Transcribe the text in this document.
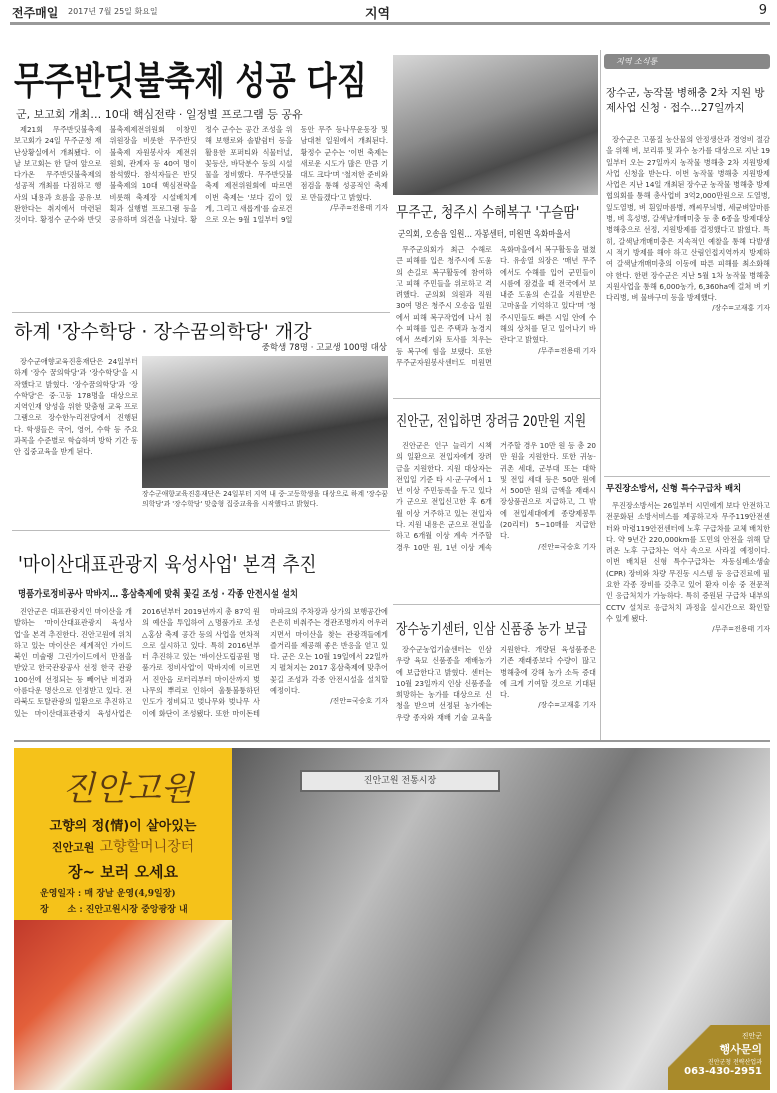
전주매일 2017년 7월 25일 화요일	지역	9
무주반딧불축제 성공 다짐
군, 보고회 개최… 10대 핵심전략 · 일정별 프로그램 등 공유

제21회 무주반딧불축제 보고회가 24일 무주군청 재난상황실에서 개최됐다. 이날 보고회는 한 달여 앞으로 다가온 무주반딧불축제의 성공적 개최를 다짐하고 행사의 내용과 흐름을 공유·보완한다는 취지에서 마련된 것이다. 황정수 군수와 반딧불축제제전위원회 이창민 위원장을 비롯한 무주반딧불축제 자원봉사자 제전위원회, 관계자 등 40여 명이 참석했다. 참석자들은 반딧불축제의 10대 핵심전략을 비롯해 축제장 시설배치계획과 실행별 프로그램 등을 공유하며 의견을 나눴다. 황정수 군수는 공간 조성을 위해 보행로와 솔밭쉼터 등을 활용한 포퍼티와 식물터널, 꽃등산, 바닥분수 등의 시설물을 정비했다. 무주반딧불축제 제전위원회에 따르면 이번 축제는 '보다 깊이 있게, 그리고 새롭게'를 슬로건으로 오는 9월 1일부터 9일 동안 무주 등나무운동장 및 남대천 일원에서 개최된다. 황정수 군수는 '이번 축제는 새로운 시도가 많은 만큼 기대도 크다'며 '철저한 준비와 점검을 통해 성공적인 축제로 만들겠다'고 밝혔다.

/무주=전용태 기자 무주군, 청주시 수해복구 '구슬땀'
군의회, 오송읍 일원… 자봉센터, 미원면 옥화마을서

무주군의회가 최근 수해로 큰 피해를 입은 청주시에 도움의 손길로 복구활동에 참여하고 피해 주민들을 위로하고 격려했다. 군의회 의원과 직원 30여 명은 청주시 오송읍 일원에서 피해 복구작업에 나서 침수 피해를 입은 주택과 농경지에서 쓰레기와 토사를 치우는 등 복구에 힘을 보탰다. 또한 무주군자원봉사센터도 미원면 옥화마을에서 복구활동을 펼쳤다. 유송열 의장은 '매년 무주에서도 수해를 입어 군민들이 시름에 잠겼을 때 전국에서 보내준 도움의 손길을 지원받은 고마움을 기억하고 있다'며 '청주시민들도 빠른 시일 안에 수해의 상처를 딛고 일어나기 바란다'고 밝혔다.

/무주=전용태 기자
하계 '장수학당 · 장수꿈의학당' 개강
중학생 78명 · 고교생 100명 대상

장수군애향교육진흥재단은 24일부터 하계 '장수 꿈의학당'과 '장수학당'을 시작했다고 밝혔다. '장수꿈의학당'과 '장수학당'은 중·고등 178명을 대상으로 지역인재 양성을 위한 맞춤형 교육 프로그램으로 장수한누리전당에서 진행된다. 학생들은 국어, 영어, 수학 등 주요 과목을 수준별로 학습하며 방학 기간 동안 집중교육을 받게 된다.

장수군애향교육진흥재단은 24일부터 지역 내 중·고등학생을 대상으로 하계 '장수꿈의학당'과 '장수학당' 맞춤형 집중교육을 시작했다고 밝혔다.
'마이산대표관광지 육성사업' 본격 추진
명품가로정비공사 막바지… 홍삼축제에 맞춰 꽃길 조성 · 각종 안전시설 설치

진안군은 대표관광지인 마이산을 개발하는 '마이산대표관광지 육성사업'을 본격 추진한다. 진안고원에 위치하고 있는 마이산은 세계적인 가이드북인 미슐랭 그린가이드에서 만점을 받았고 한국관광공사 선정 한국 관광100선에 선정되는 등 빼어난 비경과 아름다운 명산으로 인정받고 있다. 전라북도 토탈관광의 일환으로 추진하고 있는 마이산대표관광지 육성사업은 2016년부터 2019년까지 총 87억 원의 예산을 투입하여 △명품가로 조성 △홍삼 축제 공간 등의 사업을 연차적으로 실시하고 있다. 특히 2016년부터 추진하고 있는 '바이산도립공원 명품가로 정비사업'이 막바지에 이르면서 진안읍 로터리부터 마이산까지 벚나무의 뿌리로 인하여 울퉁불퉁하던 인도가 정비되고 벚나무와 벚나무 사이에 화단이 조성됐다. 또한 마이돈테마파크의 주차장과 상가의 보행공간에 은은히 비춰주는 경관조명까지 어우러지면서 마이산을 찾는 관광객들에게 즐거리를 제공해 좋은 반응을 얻고 있다. 군은 오는 10월 19일에서 22일까지 펼쳐지는 2017 홍삼축제에 맞추어 꽃길 조성과 각종 안전시설을 설치할 예정이다.

/진안=국승호 기자
진안군, 전입하면 장려금 20만원 지원

진안군은 인구 늘리기 시책의 일환으로 전입자에게 장려금을 지원한다. 지원 대상자는 전입일 기준 타 시·군·구에서 1년 이상 주민등록을 두고 있다가 군으로 전입신고한 후 6개월 이상 거주하고 있는 전입자다. 지원 내용은 군으로 전입을 하고 6개월 이상 계속 거주할 경우 10만 원, 1년 이상 계속 거주할 경우 10만 원 등 총 20만 원을 지원한다. 또한 귀농·귀촌 세대, 군부대 또는 대학 및 전입 세대 등은 50만 원에서 500만 원의 금액을 재래시장상품권으로 지급하고, 그 밖에 전입세대에게 종량제봉투(20리터) 5~10매를 지급한다.

/진안=국승호 기자
장수농기센터, 인삼 신품종 농가 보급

장수군농업기술센터는 인삼 우량 육묘 신품종을 재배농가에 보급한다고 밝혔다. 센터는 10월 23일까지 인삼 신품종을 희망하는 농가를 대상으로 신청을 받으며 선정된 농가에는 우량 종자와 재배 기술 교육을 지원한다. 개량된 육성품종은 기존 재래종보다 수량이 많고 병해충에 강해 농가 소득 증대에 크게 기여할 것으로 기대된다.

/장수=고재홍 기자
지역 소식통
장수군, 농작물 병해충 2차 지원 방제사업 신청 · 접수…27일까지

장수군은 고품질 농산물의 안정생산과 경영비 절감을 위해 벼, 보리류 및 과수 농가를 대상으로 지난 19일부터 오는 27일까지 농작물 병해충 2차 지원방제 사업 신청을 받는다. 이번 농작물 병해충 지원방제 사업은 지난 14일 개최된 장수군 농작물 병해충 방제협의회를 통해 총사업비 3억2,000만원으로 도열병, 잎도열병, 벼 흰잎마름병, 깨씨무늬병, 세균벼알마름병, 벼 흑성병, 갈색날개매미충 등 총 6종을 방제대상 병해충으로 선정, 지원방제를 결정했다고 밝혔다. 특히, 갈색날개매미충은 지속적인 예찰을 통해 다발생시 적기 방제를 해야 하고 산림인접지역까지 방제하여 갈색날개매미충의 이동에 따른 피해를 최소화해야 한다. 한편 장수군은 지난 5월 1차 농작물 병해충 지원사업을 통해 6,000농가, 6,360ha에 걸쳐 벼 키다리병, 벼 물바구미 등을 방제했다.

/장수=고재홍 기자
무진장소방서, 신형 특수구급차 배치

무진장소방서는 26일부터 시민에게 보다 안전하고 전문화된 소방서비스를 제공하고자 무주119안전센터와 마령119안전센터에 노후 구급차를 교체 배치한다. 약 9년간 220,000km를 도민의 안전을 위해 달려온 노후 구급차는 역사 속으로 사라질 예정이다. 이번 배치된 신형 특수구급차는 자동심폐소생술(CPR) 장비와 차량 무진동 시스템 등 응급진료에 필요한 각종 장비를 갖추고 있어 환자 이송 중 전문적인 응급처치가 가능하다. 특히 증원된 구급차 내부의 CCTV 설치로 응급처치 과정을 실시간으로 확인할 수 있게 됐다.

/무주=전용태 기자
진안고원 전통시장
진안고원
고향의 정(情)이 살아있는
진안고원 고향할머니장터
장~ 보러 오세요
운영일자 : 매 장날 운영(4,9일장)
장      소 : 진안고원시장 중앙광장 내
진안군
행사문의
진안군청 전략산업과
063-430-2951
